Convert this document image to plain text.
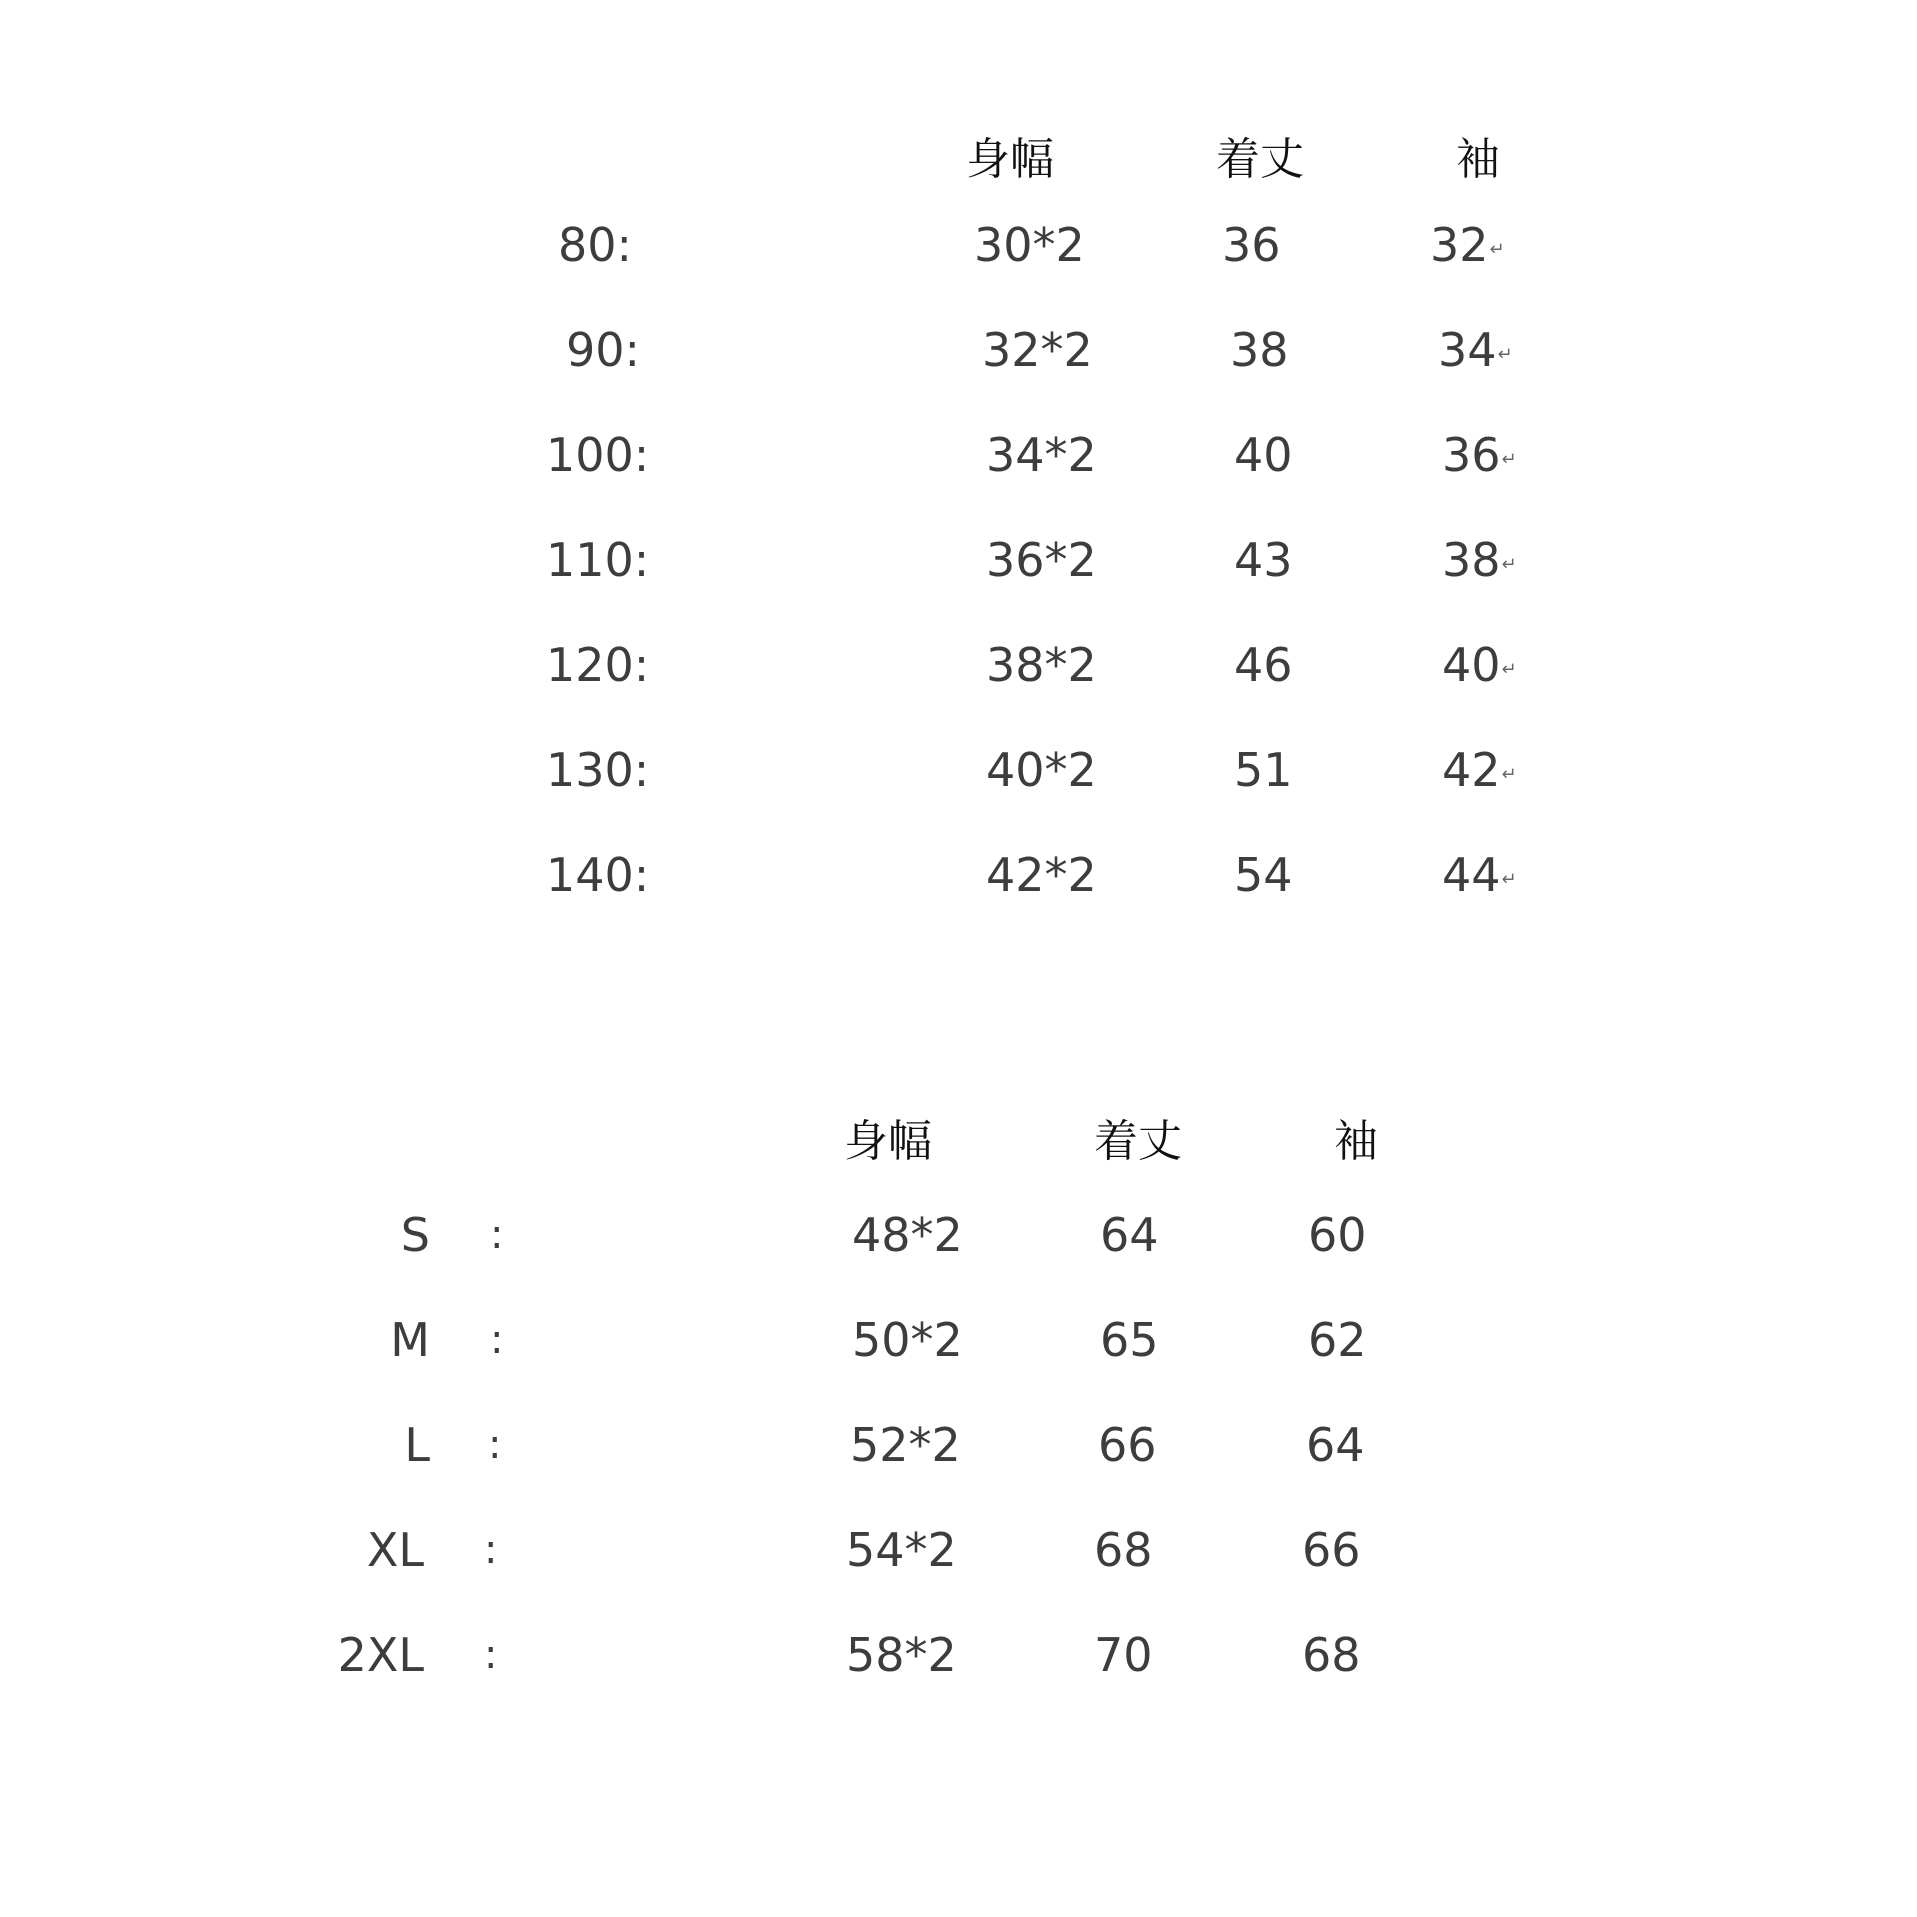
身幅	着丈	袖
80:	30*2	36	32↵
90:	32*2	38	34↵
100:	34*2	40	36↵
110:	36*2	43	38↵
120:	38*2	46	40↵
130:	40*2	51	42↵
140:	42*2	54	44↵
身幅	着丈	袖
S :	48*2	64	60
M :	50*2	65	62
L :	52*2	66	64
XL :	54*2	68	66
2XL :	58*2	70	68
